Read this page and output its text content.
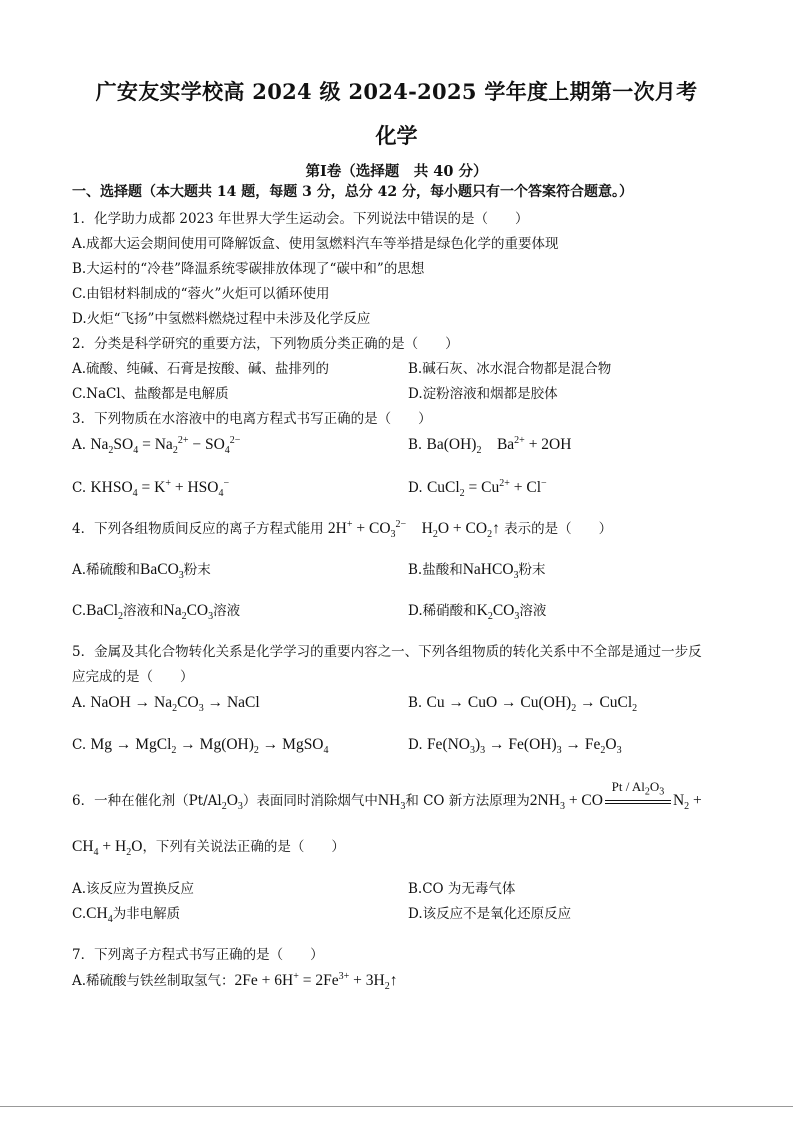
广安友实学校高 2024 级 2024-2025 学年度上期第一次月考
化学
第Ⅰ卷（选择题　共 40 分）
一、选择题（本大题共 14 题，每题 3 分，总分 42 分，每小题只有一个答案符合题意。）
1．化学助力成都 2023 年世界大学生运动会。下列说法中错误的是（　　）
A.成都大运会期间使用可降解饭盒、使用氢燃料汽车等举措是绿色化学的重要体现
B.大运村的“冷巷”降温系统零碳排放体现了“碳中和”的思想
C.由铝材料制成的“蓉火”火炬可以循环使用
D.火炬“飞扬”中氢燃料燃烧过程中未涉及化学反应
2．分类是科学研究的重要方法，下列物质分类正确的是（　　）
A.硫酸、纯碱、石膏是按酸、碱、盐排列的	B.碱石灰、冰水混合物都是混合物
C.NaCl、盐酸都是电解质	D.淀粉溶液和烟都是胶体
3．下列物质在水溶液中的电离方程式书写正确的是（　　）
A. $Na_2SO_4 = Na_2^{2+} - SO_4^{2-}$	B. $Ba(OH)_2$    $Ba^{2+} + 2OH$
C. $KHSO_4 = K^+ + HSO_4^-$	D. CuCl$_2$ = $Cu^{2+} + Cl^-$
4．下列各组物质间反应的离子方程式能用 $2H^+ + CO_3^{2-}$    $H_2O$ + $CO_2↑$ 表示的是（　　）
A.稀硫酸和BaCO$_3$粉末	B.盐酸和NaHCO$_3$粉末
C.BaCl$_2$溶液和$Na_2CO_3$溶液	D.稀硝酸和$K_2CO_3$溶液
5．金属及其化合物转化关系是化学学习的重要内容之一、下列各组物质的转化关系中不全部是通过一步反
应完成的是（　　）
A. NaOH → $Na_2CO_3$ → NaCl	B. Cu → CuO → $Cu(OH)_2$ → CuCl$_2$
C. Mg → MgCl$_2$ → $Mg(OH)_2$ → MgSO$_4$	D. $Fe(NO_3)_3 \to Fe(OH)_3 \to Fe_2O_3$
6．一种在催化剂$(Pt/Al_2O_3)$表面同时消除烟气中$NH_3$和 CO 新方法原理为$2NH_3$ + CO
Pt / $Al_2O_3$ $N_2$ +
$CH_4 + H_2O$，下列有关说法正确的是（　　）
A.该反应为置换反应	B.CO 为无毒气体
$C.CH_4$为非电解质	D.该反应不是氧化还原反应
7．下列离子方程式书写正确的是（　　）
A.稀硫酸与铁丝制取氢气：$2Fe + 6H^+ = 2Fe^{3+}$ + $3H_2↑$
